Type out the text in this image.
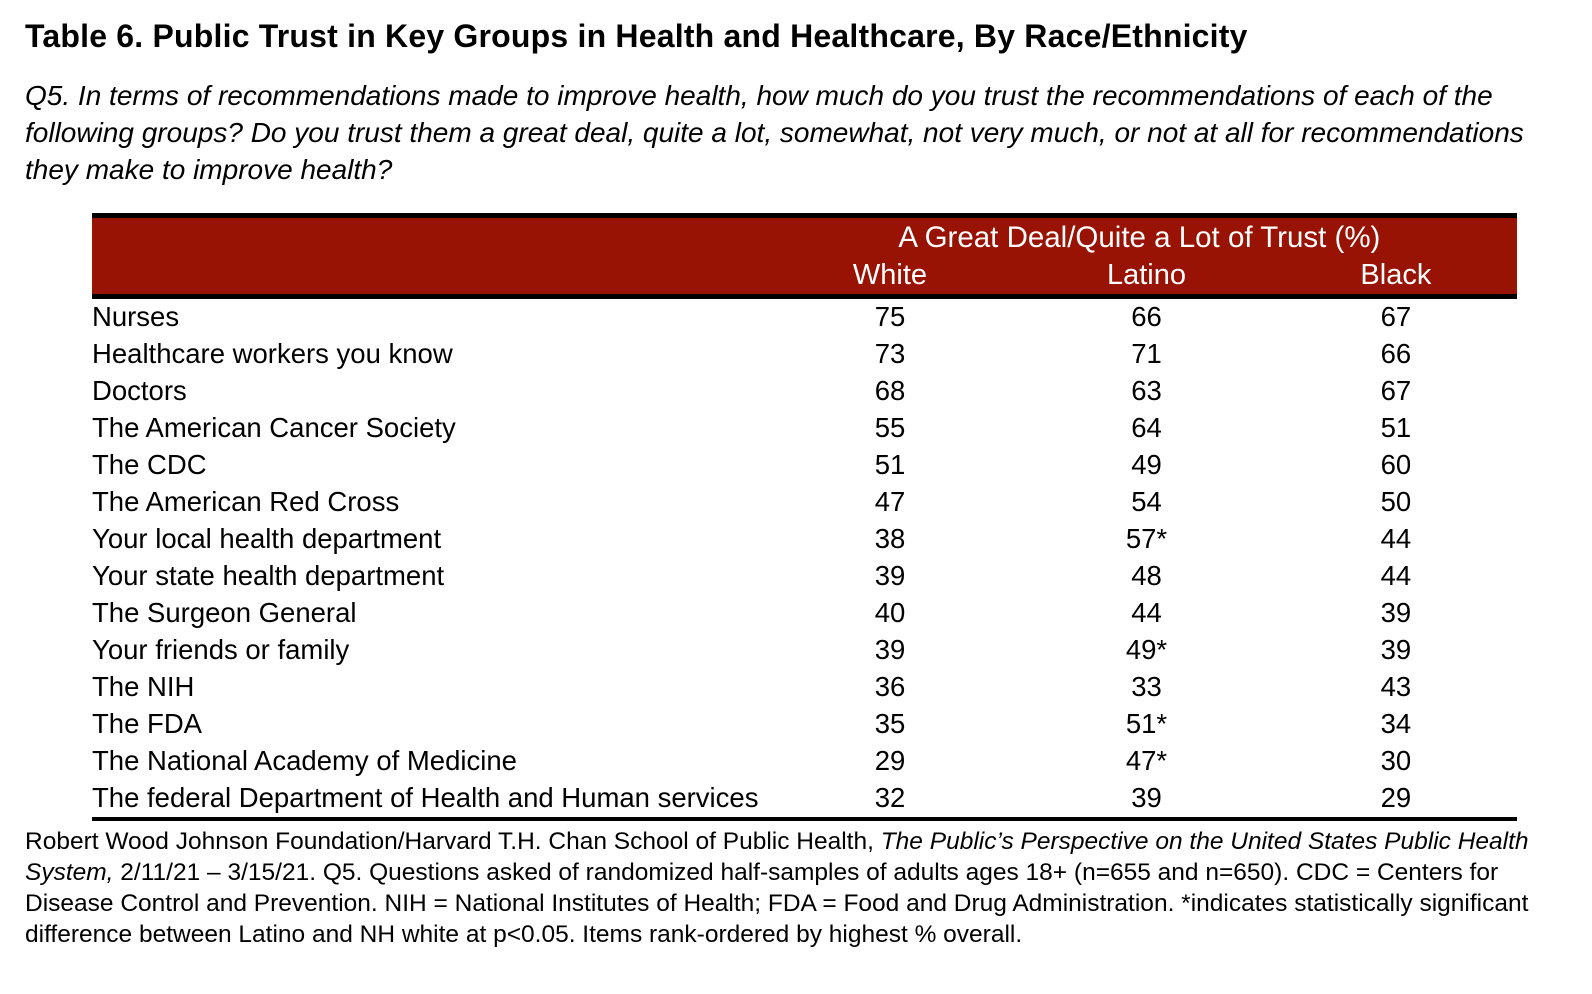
Table 6. Public Trust in Key Groups in Health and Healthcare, By Race/Ethnicity

Q5. In terms of recommendations made to improve health, how much do you trust the recommendations of each of the following groups? Do you trust them a great deal, quite a lot, somewhat, not very much, or not at all for recommendations they make to improve health?

	A Great Deal/Quite a Lot of Trust (%)		
	White	Latino	Black
Nurses	75	66	67
Healthcare workers you know	73	71	66
Doctors	68	63	67
The American Cancer Society	55	64	51
The CDC	51	49	60
The American Red Cross	47	54	50
Your local health department	38	57*	44
Your state health department	39	48	44
The Surgeon General	40	44	39
Your friends or family	39	49*	39
The NIH	36	33	43
The FDA	35	51*	34
The National Academy of Medicine	29	47*	30
The federal Department of Health and Human services	32	39	29

Robert Wood Johnson Foundation/Harvard T.H. Chan School of Public Health, The Public’s Perspective on the United States Public Health System, 2/11/21 – 3/15/21. Q5. Questions asked of randomized half-samples of adults ages 18+ (n=655 and n=650). CDC = Centers for Disease Control and Prevention. NIH = National Institutes of Health; FDA = Food and Drug Administration. *indicates statistically significant difference between Latino and NH white at p<0.05. Items rank-ordered by highest % overall.
